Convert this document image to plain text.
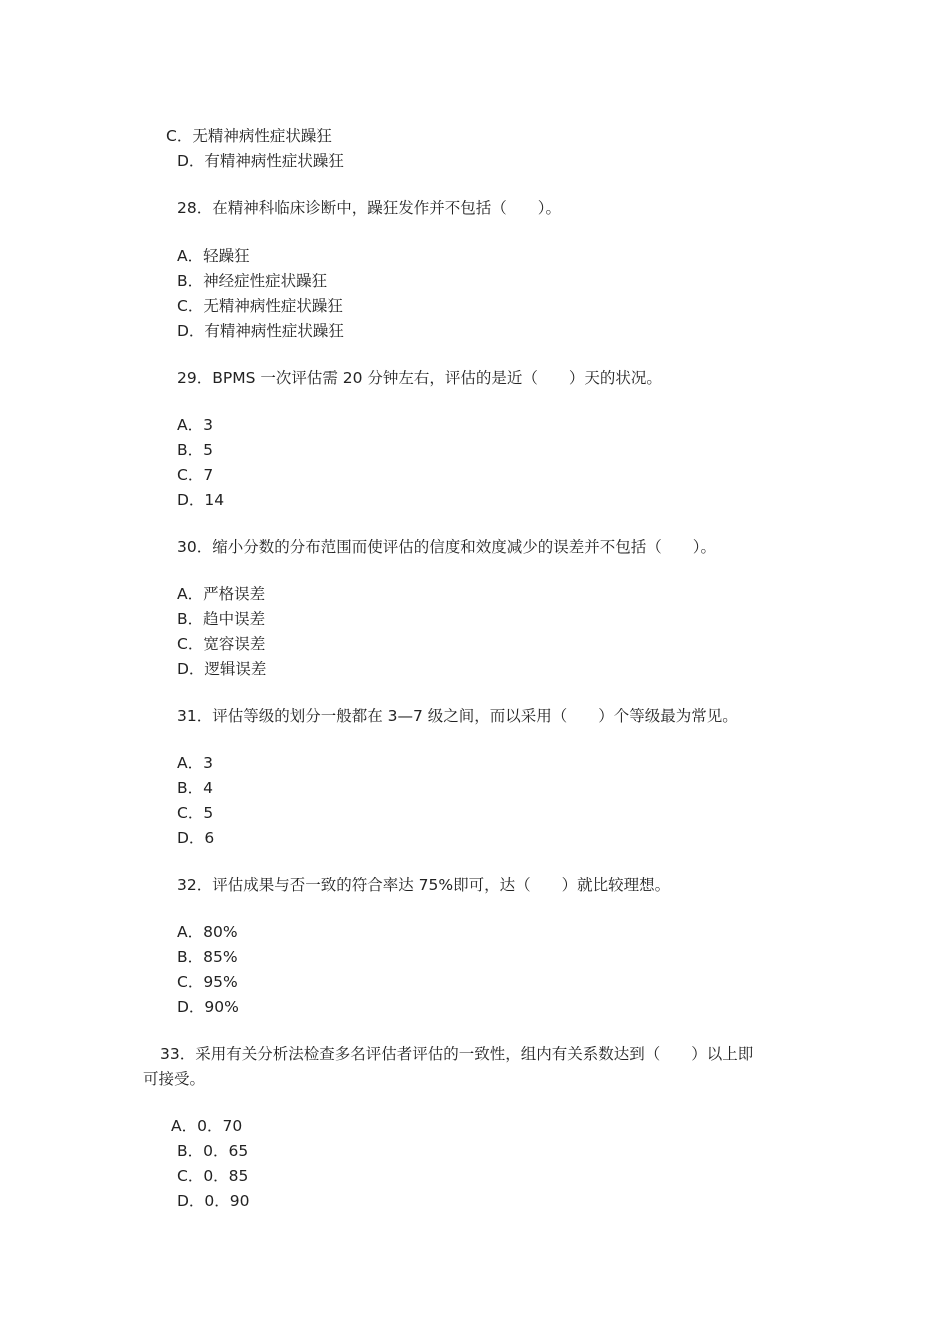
C．无精神病性症状躁狂

D．有精神病性症状躁狂

28．在精神科临床诊断中，躁狂发作并不包括（　　）。

A．轻躁狂

B．神经症性症状躁狂

C．无精神病性症状躁狂

D．有精神病性症状躁狂

29．BPMS 一次评估需 20 分钟左右，评估的是近（　　）天的状况。

A．3

B．5

C．7

D．14

30．缩小分数的分布范围而使评估的信度和效度减少的误差并不包括（　　）。

A．严格误差

B．趋中误差

C．宽容误差

D．逻辑误差

31．评估等级的划分一般都在 3—7 级之间，而以采用（　　）个等级最为常见。

A．3

B．4

C．5

D．6

32．评估成果与否一致的符合率达 75%即可，达（　　）就比较理想。

A．80%

B．85%

C．95%

D．90%

33．采用有关分析法检查多名评估者评估的一致性，组内有关系数达到（　　）以上即

可接受。

A．0．70

B．0．65

C．0．85

D．0．90
